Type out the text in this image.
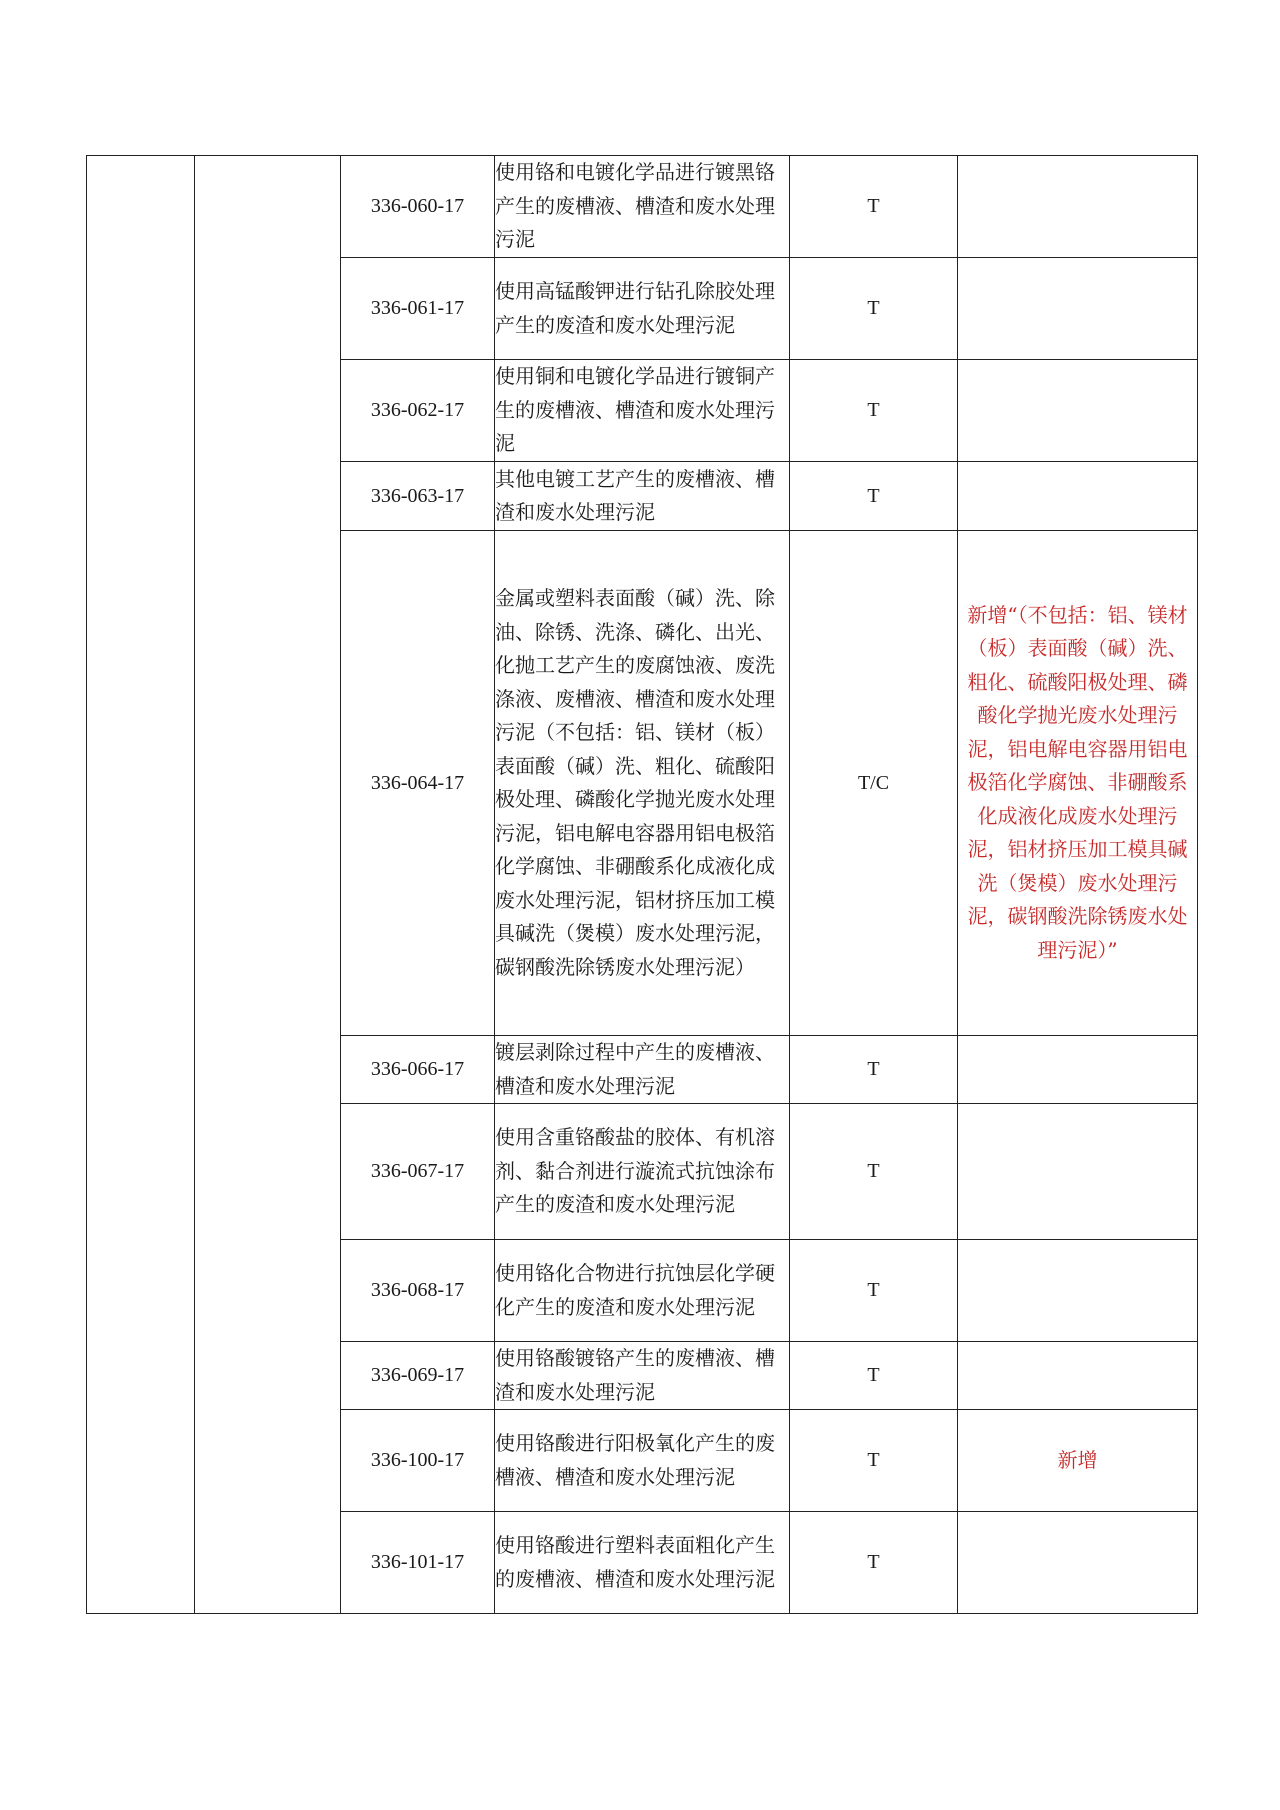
		336-060-17	使用铬和电镀化学品进行镀黑铬产生的废槽液、槽渣和废水处理污泥	T	
		336-061-17	使用高锰酸钾进行钻孔除胶处理产生的废渣和废水处理污泥	T	
		336-062-17	使用铜和电镀化学品进行镀铜产生的废槽液、槽渣和废水处理污泥	T	
		336-063-17	其他电镀工艺产生的废槽液、槽渣和废水处理污泥	T	
		336-064-17	金属或塑料表面酸（碱）洗、除油、除锈、洗涤、磷化、出光、化抛工艺产生的废腐蚀液、废洗涤液、废槽液、槽渣和废水处理污泥（不包括：铝、镁材（板）表面酸（碱）洗、粗化、硫酸阳极处理、磷酸化学抛光废水处理污泥，铝电解电容器用铝电极箔化学腐蚀、非硼酸系化成液化成废水处理污泥，铝材挤压加工模具碱洗（煲模）废水处理污泥，碳钢酸洗除锈废水处理污泥）	T/C	新增“（不包括：铝、镁材（板）表面酸（碱）洗、粗化、硫酸阳极处理、磷酸化学抛光废水处理污泥，铝电解电容器用铝电极箔化学腐蚀、非硼酸系化成液化成废水处理污泥，铝材挤压加工模具碱洗（煲模）废水处理污泥，碳钢酸洗除锈废水处理污泥）”
		336-066-17	镀层剥除过程中产生的废槽液、槽渣和废水处理污泥	T	
		336-067-17	使用含重铬酸盐的胶体、有机溶剂、黏合剂进行漩流式抗蚀涂布产生的废渣和废水处理污泥	T	
		336-068-17	使用铬化合物进行抗蚀层化学硬化产生的废渣和废水处理污泥	T	
		336-069-17	使用铬酸镀铬产生的废槽液、槽渣和废水处理污泥	T	
		336-100-17	使用铬酸进行阳极氧化产生的废槽液、槽渣和废水处理污泥	T	新增
		336-101-17	使用铬酸进行塑料表面粗化产生的废槽液、槽渣和废水处理污泥	T	
